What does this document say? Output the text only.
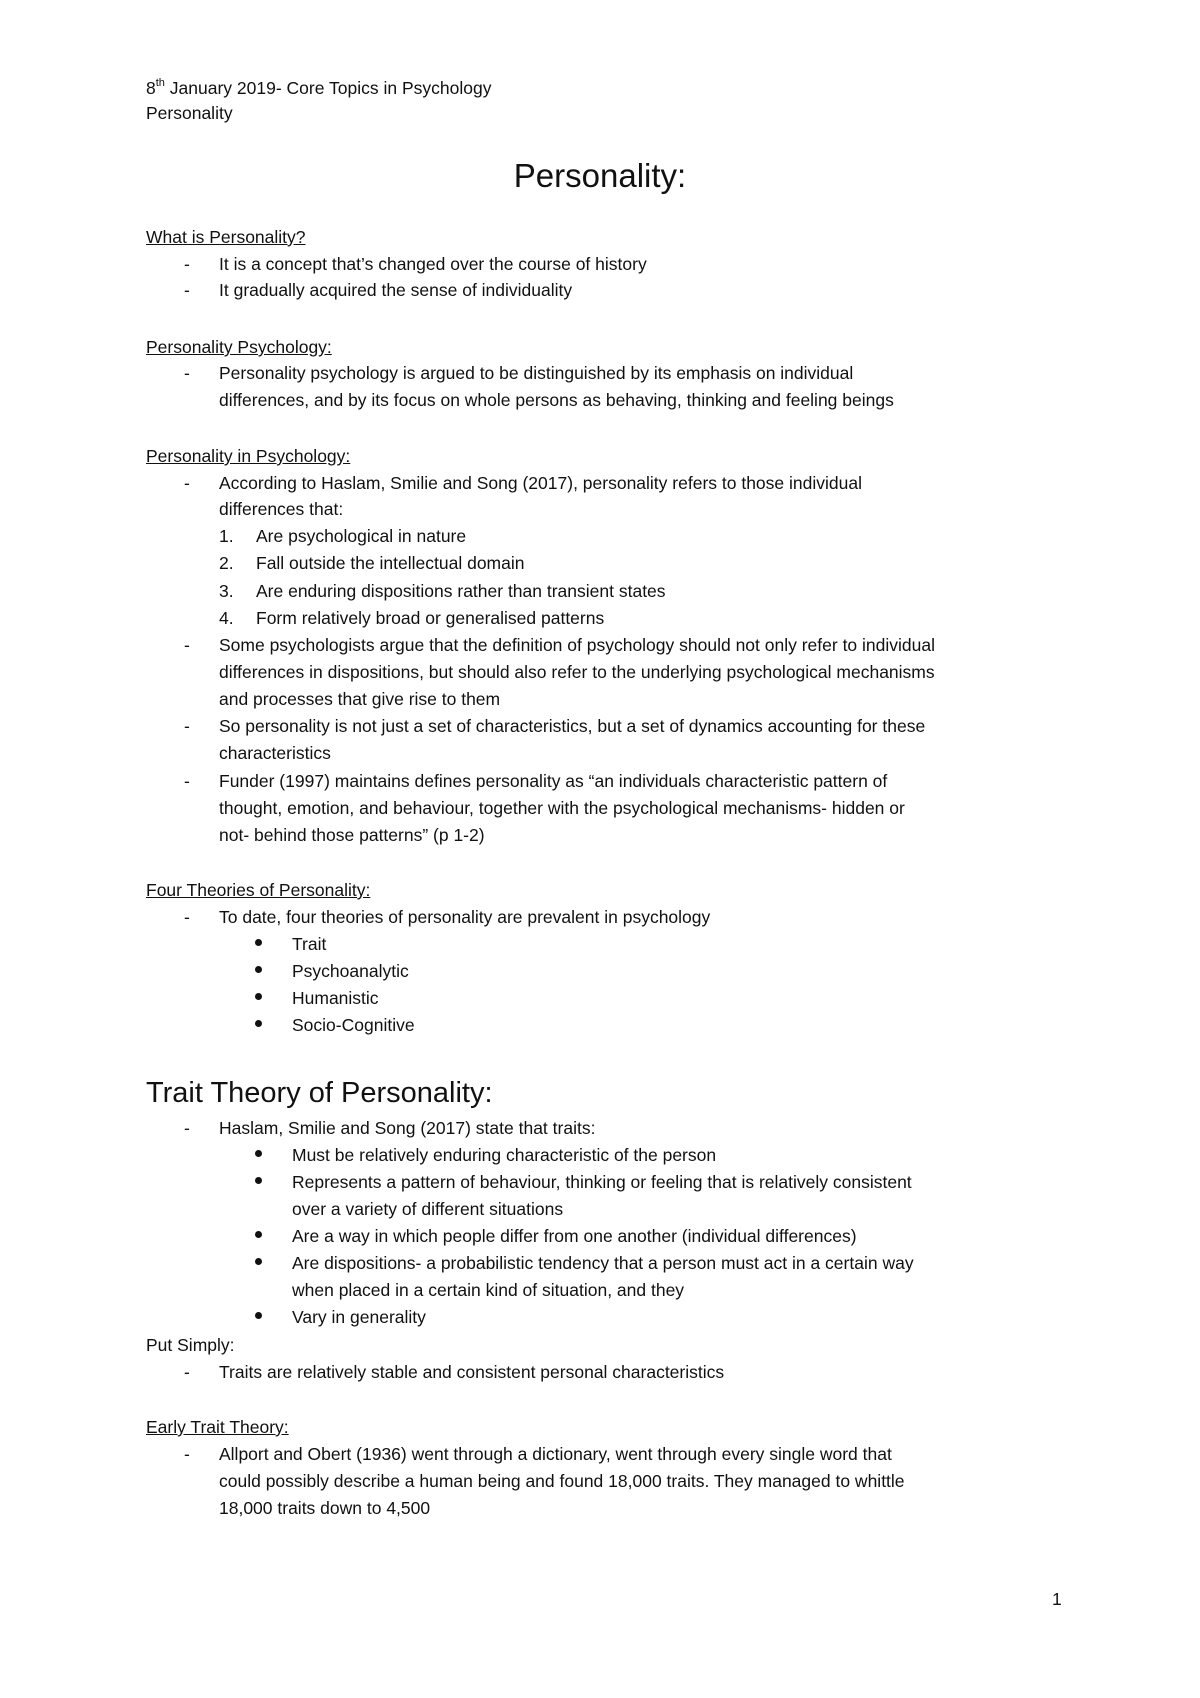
8th January 2019- Core Topics in Psychology
Personality
Personality:
What is Personality?
-	It is a concept that’s changed over the course of history
-	It gradually acquired the sense of individuality
Personality Psychology:
-	Personality psychology is argued to be distinguished by its emphasis on individual
differences, and by its focus on whole persons as behaving, thinking and feeling beings
Personality in Psychology:
-	According to Haslam, Smilie and Song (2017), personality refers to those individual
differences that:
1. Are psychological in nature
2. Fall outside the intellectual domain
3. Are enduring dispositions rather than transient states
4. Form relatively broad or generalised patterns
-	Some psychologists argue that the definition of psychology should not only refer to individual
differences in dispositions, but should also refer to the underlying psychological mechanisms
and processes that give rise to them
-	So personality is not just a set of characteristics, but a set of dynamics accounting for these
characteristics
-	Funder (1997) maintains defines personality as “an individuals characteristic pattern of
thought, emotion, and behaviour, together with the psychological mechanisms- hidden or
not- behind those patterns” (p 1-2)
Four Theories of Personality:
-	To date, four theories of personality are prevalent in psychology
Trait
Psychoanalytic
Humanistic
Socio-Cognitive
Trait Theory of Personality:
-	Haslam, Smilie and Song (2017) state that traits:
Must be relatively enduring characteristic of the person
Represents a pattern of behaviour, thinking or feeling that is relatively consistent
over a variety of different situations
Are a way in which people differ from one another (individual differences)
Are dispositions- a probabilistic tendency that a person must act in a certain way
when placed in a certain kind of situation, and they
Vary in generality
Put Simply:
-	Traits are relatively stable and consistent personal characteristics
Early Trait Theory:
-	Allport and Obert (1936) went through a dictionary, went through every single word that
could possibly describe a human being and found 18,000 traits. They managed to whittle
18,000 traits down to 4,500
1
